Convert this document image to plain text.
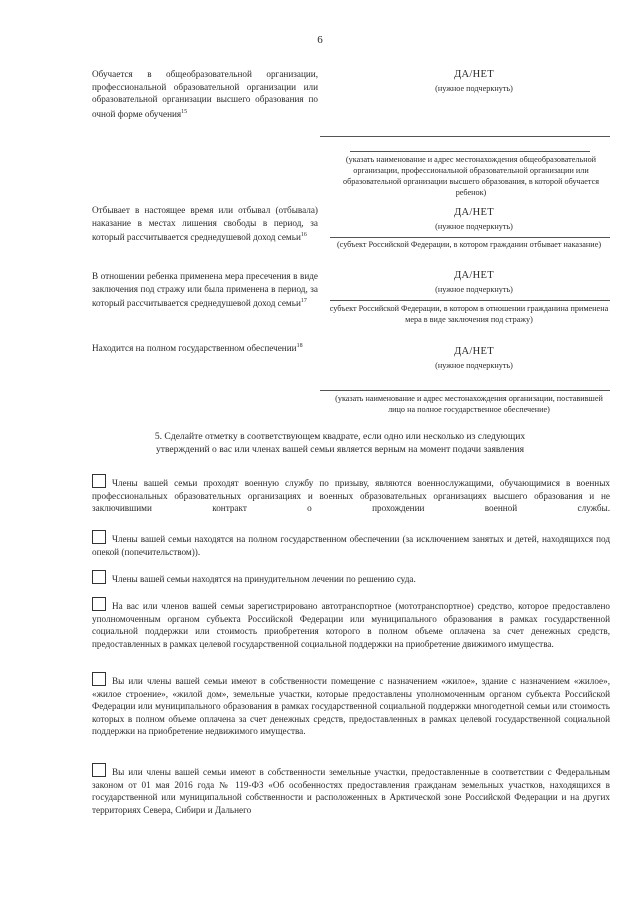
6
Обучается в общеобразовательной организации, профессиональной образовательной организации или образовательной организации высшего образования по очной форме обучения$^{15}$
ДА/НЕТ
(нужное подчеркнуть)
(указать наименование и адрес местонахождения общеобразовательной организации, профессиональной образовательной организации или образовательной организации высшего образования, в которой обучается ребенок)
Отбывает в настоящее время или отбывал (отбывала) наказание в местах лишения свободы в период, за который рассчитывается среднедушевой доход семьи$^{16}$
ДА/НЕТ
(нужное подчеркнуть)
(субъект Российской Федерации, в котором гражданин отбывает наказание)
В отношении ребенка применена мера пресечения в виде заключения под стражу или была применена в период, за который рассчитывается среднедушевой доход семьи$^{17}$
ДА/НЕТ
(нужное подчеркнуть)
субъект Российской Федерации, в котором в отношении гражданина применена мера в виде заключения под стражу)
Находится на полном государственном обеспечении$^{18}$	ДА/НЕТ
(нужное подчеркнуть)
(указать наименование и адрес местонахождения организации, поставившей лицо на полное государственное обеспечение)
5. Сделайте отметку в соответствующем квадрате, если одно или несколько из следующих утверждений о вас или членах вашей семьи является верным на момент подачи заявления
Члены вашей семьи проходят военную службу по призыву, являются военнослужащими, обучающимися в военных профессиональных образовательных организациях и военных образовательных организациях высшего образования и не заключившими контракт о прохождении военной службы.
Члены вашей семьи находятся на полном государственном обеспечении (за исключением занятых и детей, находящихся под опекой (попечительством)).
Члены вашей семьи находятся на принудительном лечении по решению суда.
На вас или членов вашей семьи зарегистрировано автотранспортное (мототранспортное) средство, которое предоставлено уполномоченным органом субъекта Российской Федерации или муниципального образования в рамках государственной социальной поддержки или стоимость приобретения которого в полном объеме оплачена за счет денежных средств, предоставленных в рамках целевой государственной социальной поддержки на приобретение движимого имущества.
Вы или члены вашей семьи имеют в собственности помещение с назначением «жилое», здание с назначением «жилое», «жилое строение», «жилой дом», земельные участки, которые предоставлены уполномоченным органом субъекта Российской Федерации или муниципального образования в рамках государственной социальной поддержки многодетной семьи или стоимость которых в полном объеме оплачена за счет денежных средств, предоставленных в рамках целевой государственной социальной поддержки на приобретение недвижимого имущества.
Вы или члены вашей семьи имеют в собственности земельные участки, предоставленные в соответствии с Федеральным законом от 01 мая 2016 года № 119-ФЗ «Об особенностях предоставления гражданам земельных участков, находящихся в государственной или муниципальной собственности и расположенных в Арктической зоне Российской Федерации и на других территориях Севера, Сибири и Дальнего
